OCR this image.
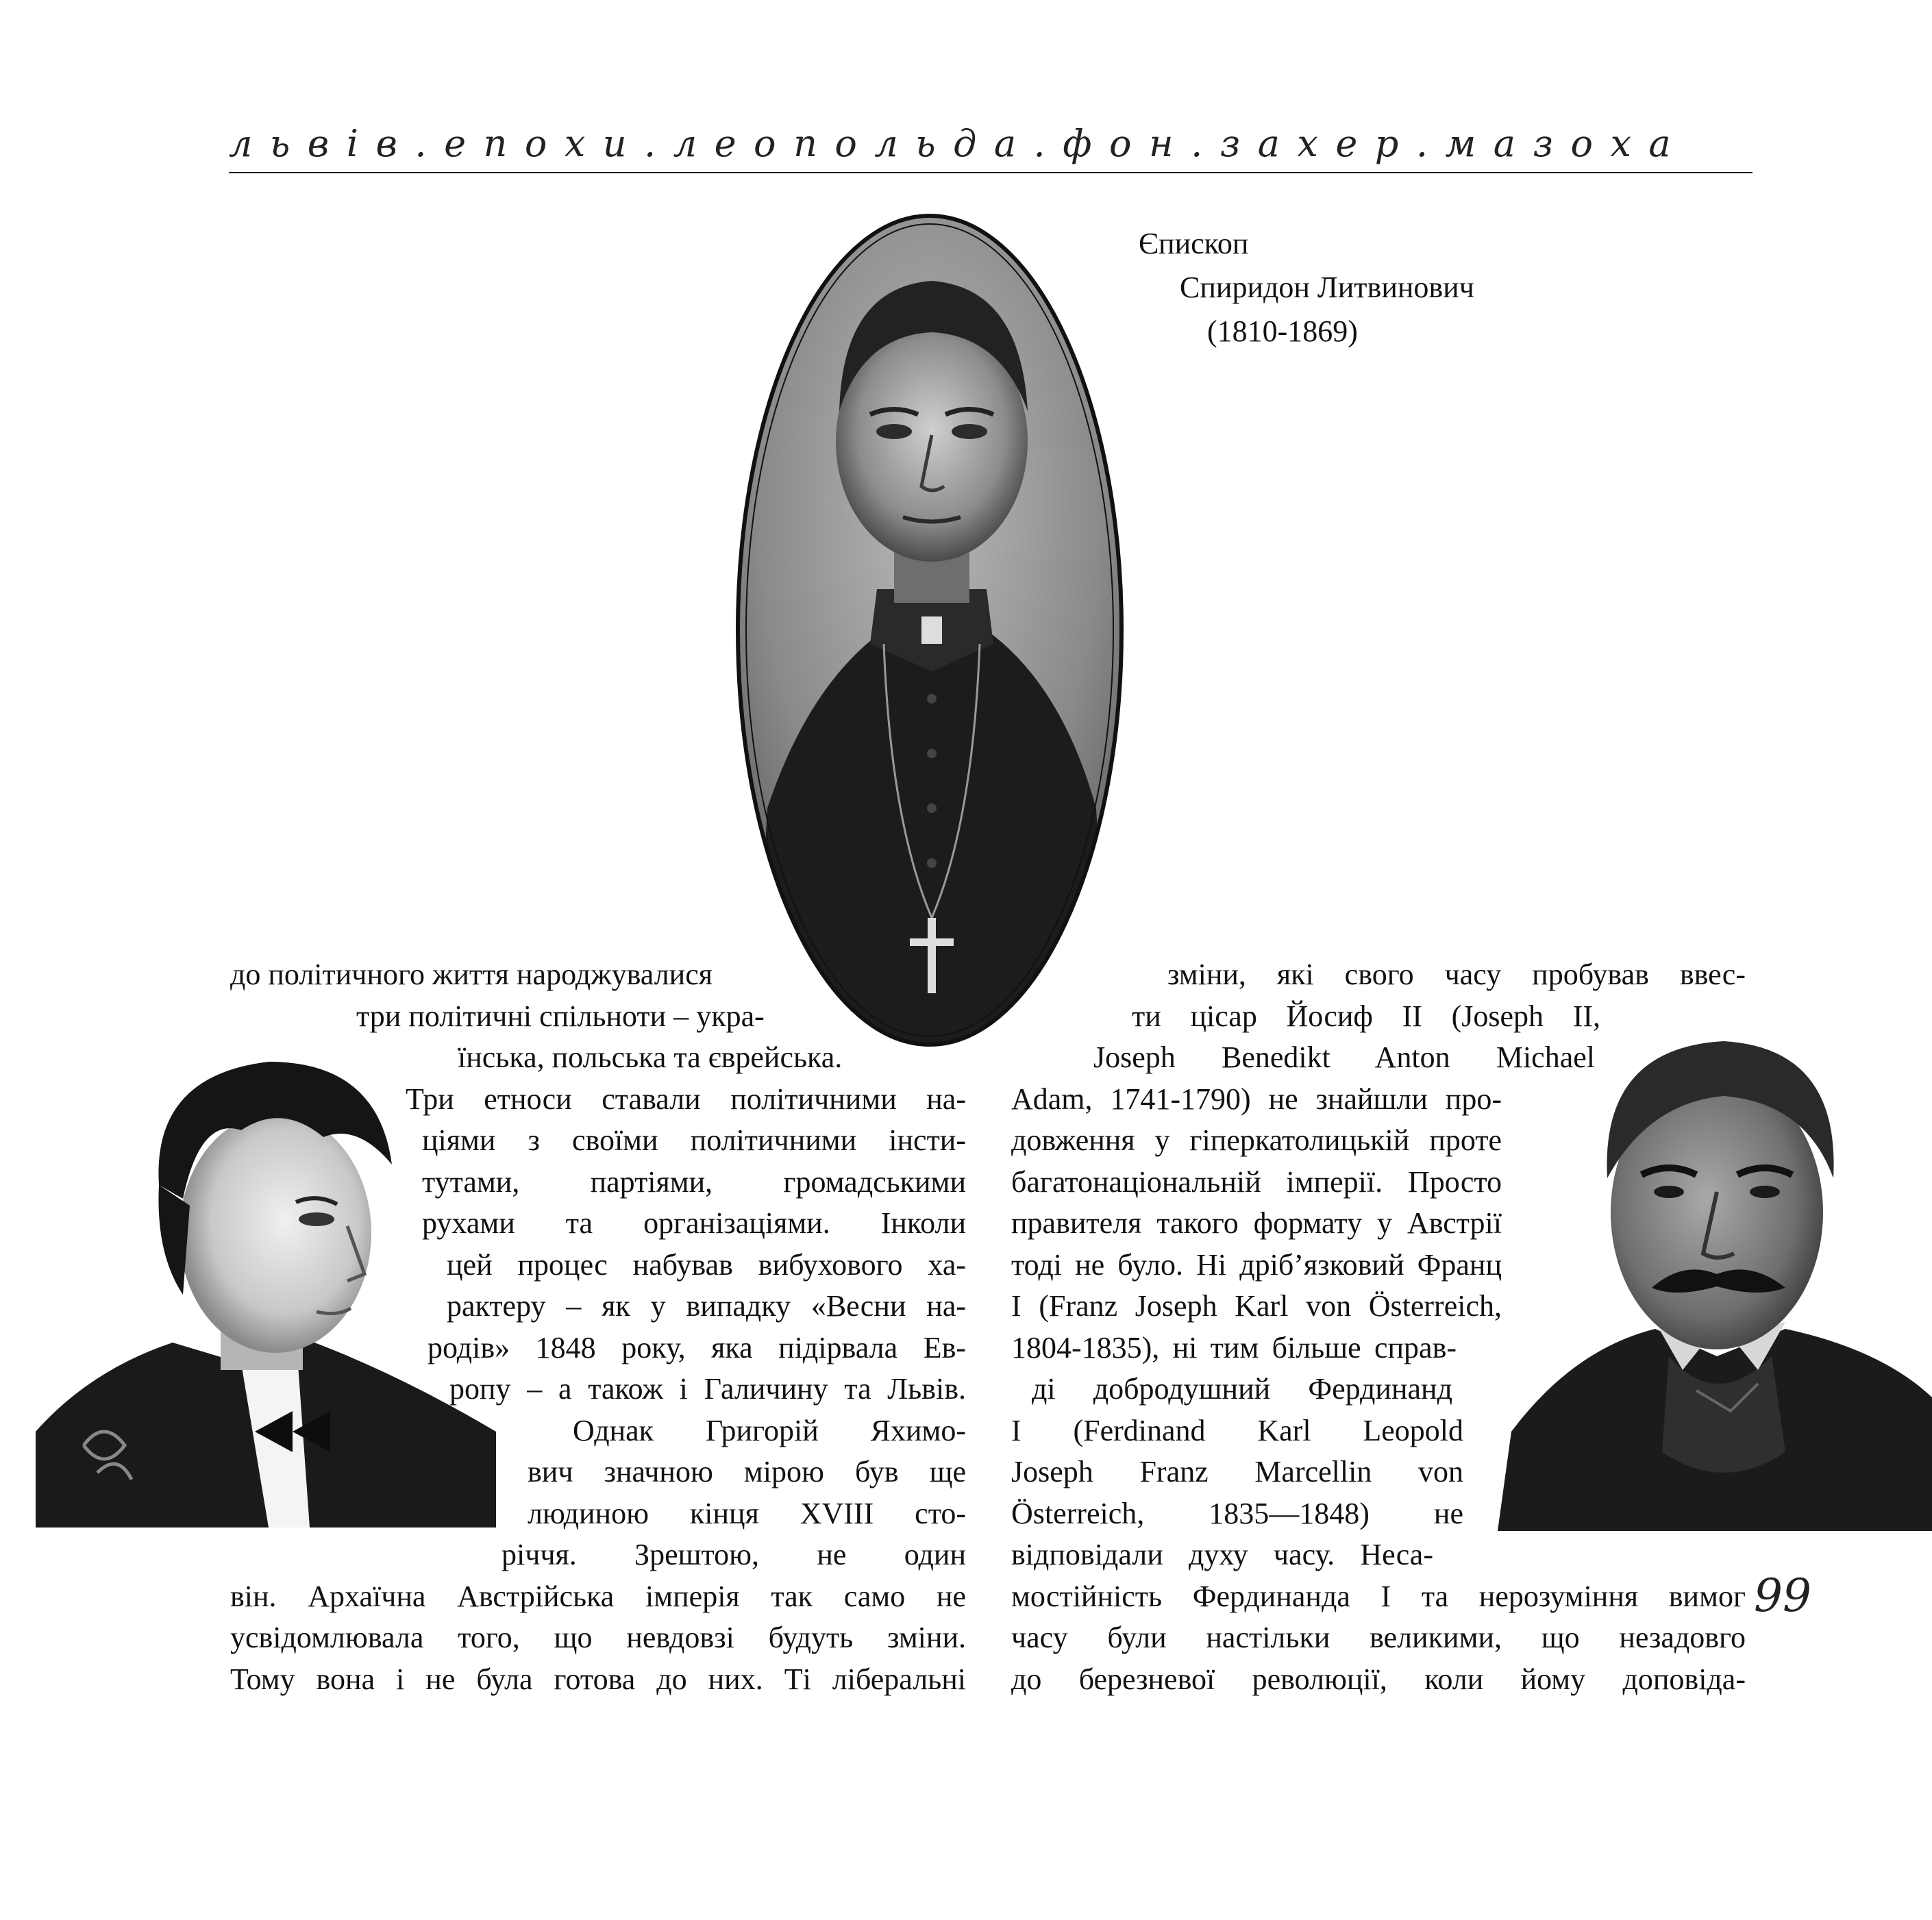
львів.епохи.леопольда.фон.захер.мазоха
Єпископ
Спиридон Литвинович
(1810-1869)
до політичного життя народжувалися
три політичні спільноти – укра-
їнська, польська та єврейська.
Три етноси ставали політичними на-
ціями з своїми політичними інсти-
тутами, партіями, громадськими
рухами та організаціями. Інколи
цей процес набував вибухового ха-
рактеру – як у випадку «Весни на-
родів» 1848 року, яка підірвала Ев-
ропу – а також і Галичину та Львів.
Однак Григорій Яхимо-
вич значною мірою був ще
людиною кінця XVIII сто-
річчя. Зрештою, не один
він. Архаїчна Австрійська імперія так само не
усвідомлювала того, що невдовзі будуть зміни.
Тому вона і не була готова до них. Ті ліберальні
зміни, які свого часу пробував ввес-
ти цісар Йосиф II (Joseph II,
Joseph Benedikt Anton Michael
Adam, 1741-1790) не знайшли про-
довження у гіперкатолицькій проте
багатонаціональній імперії. Просто
правителя такого формату у Австрії
тоді не було. Ні дріб’язковий Франц
I (Franz Joseph Karl von Österreich,
1804-1835), ні тим більше справ-
ді добродушний Фердинанд
I (Ferdinand Karl Leopold
Joseph Franz Marcellin von
Österreich, 1835—1848) не
відповідали духу часу. Неса-
мостійність Фердинанда I та нерозуміння вимог
часу були настільки великими, що незадовго
до березневої революції, коли йому доповіда-
99
